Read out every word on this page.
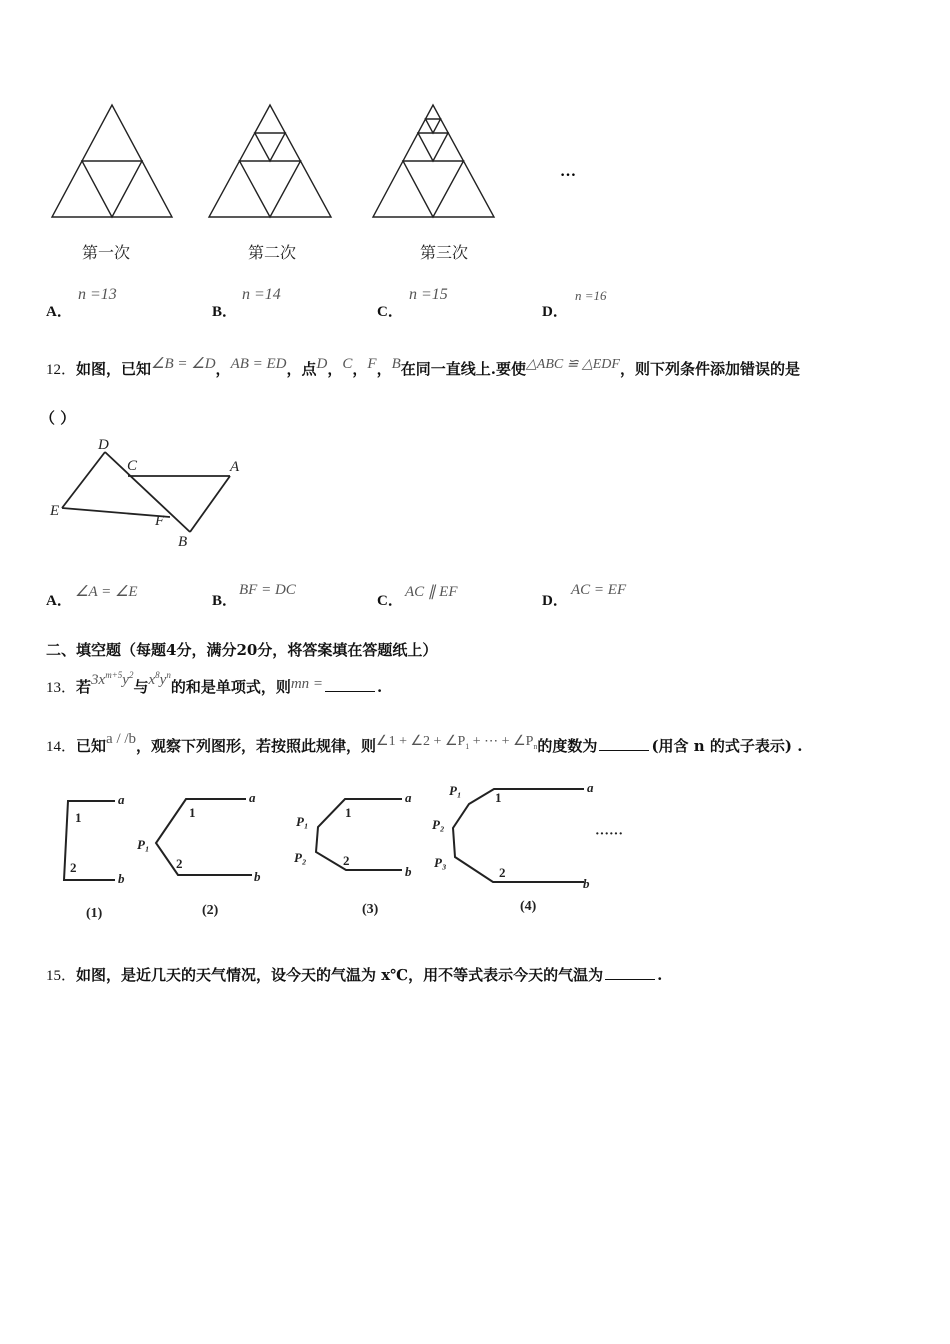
…
第一次	第二次	第三次
A．
n =13
B．
n =14
C．
n =15
D．
n =16
12．如图，已知∠B = ∠D，AB = ED，点D，C，F，B在同一直线上.要使△ABC ≌ △EDF，则下列条件添加错误的是
（ ）
D
C	A
E
F
B
A．
∠A = ∠E
B．
BF = DC
C．
AC ∥ EF
D．
AC = EF
二、填空题（每题4分，满分20分，将答案填在答题纸上）
13．若$3x^{m+5}y^2$与$x^8y^n$的和是单项式，则mn =	.
14．已知a / /b，观察下列图形，若按照此规律，则∠1 + ∠2 + $\angle P_1$ + ⋯ + $\angle P_n$的度数为	(用含 n 的式子表示) .
a
b
1
2
a
b
1
2
P₁
a
b
1
2
P₁
P₂
a
b
1
2
P₁
P₂
P₃
······
(1)	(2)	(3)	(4)
15．如图，是近几天的天气情况，设今天的气温为 x℃，用不等式表示今天的气温为	.
